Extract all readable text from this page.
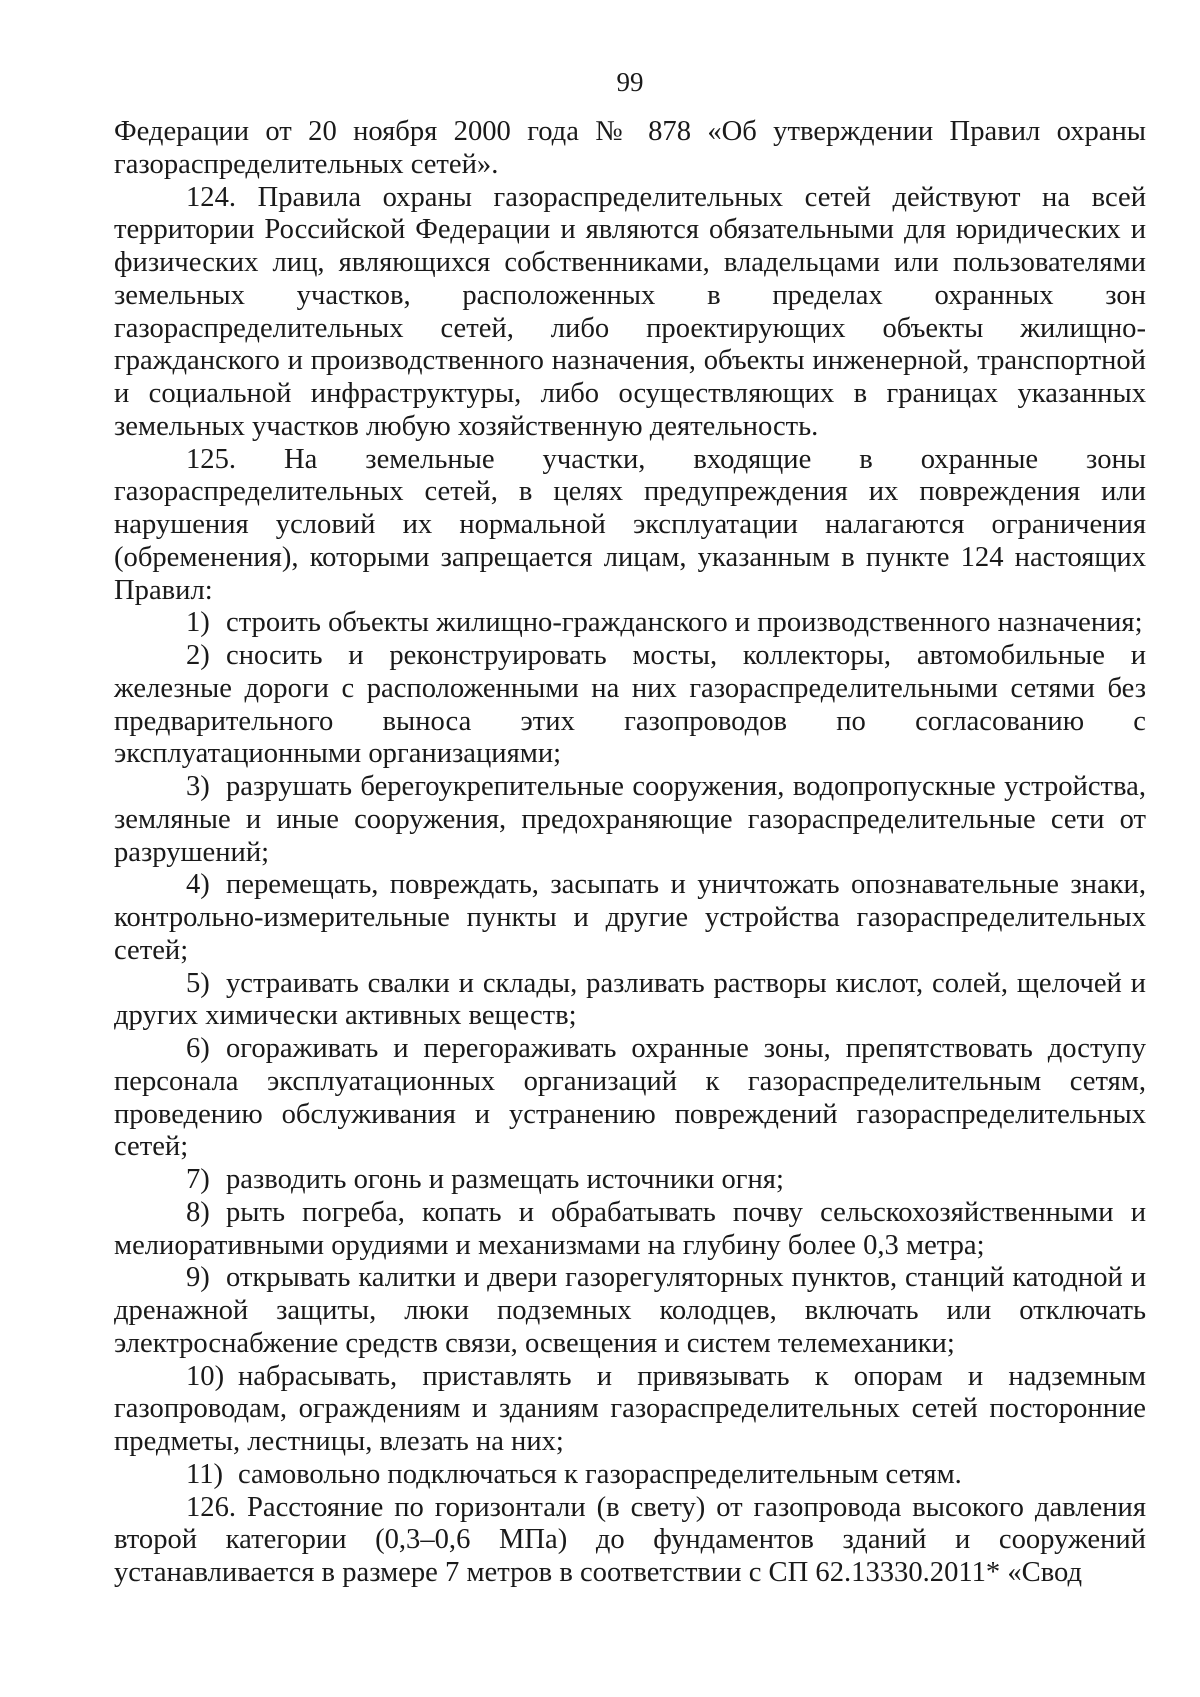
99

Федерации от 20 ноября 2000 года № 878 «Об утверждении Правил охраны газораспределительных сетей».

124. Правила охраны газораспределительных сетей действуют на всей территории Российской Федерации и являются обязательными для юридических и физических лиц, являющихся собственниками, владельцами или пользователями земельных участков, расположенных в пределах охранных зон газораспределительных сетей, либо проектирующих объекты жилищно-гражданского и производственного назначения, объекты инженерной, транспортной и социальной инфраструктуры, либо осуществляющих в границах указанных земельных участков любую хозяйственную деятельность.

125. На земельные участки, входящие в охранные зоны газораспределительных сетей, в целях предупреждения их повреждения или нарушения условий их нормальной эксплуатации налагаются ограничения (обременения), которыми запрещается лицам, указанным в пункте 124 настоящих Правил:

1) строить объекты жилищно-гражданского и производственного назначения;

2) сносить и реконструировать мосты, коллекторы, автомобильные и железные дороги с расположенными на них газораспределительными сетями без предварительного выноса этих газопроводов по согласованию с эксплуатационными организациями;

3) разрушать берегоукрепительные сооружения, водопропускные устройства, земляные и иные сооружения, предохраняющие газораспределительные сети от разрушений;

4) перемещать, повреждать, засыпать и уничтожать опознавательные знаки, контрольно-измерительные пункты и другие устройства газораспределительных сетей;

5) устраивать свалки и склады, разливать растворы кислот, солей, щелочей и других химически активных веществ;

6) огораживать и перегораживать охранные зоны, препятствовать доступу персонала эксплуатационных организаций к газораспределительным сетям, проведению обслуживания и устранению повреждений газораспределительных сетей;

7) разводить огонь и размещать источники огня;

8) рыть погреба, копать и обрабатывать почву сельскохозяйственными и мелиоративными орудиями и механизмами на глубину более 0,3 метра;

9) открывать калитки и двери газорегуляторных пунктов, станций катодной и дренажной защиты, люки подземных колодцев, включать или отключать электроснабжение средств связи, освещения и систем телемеханики;

10) набрасывать, приставлять и привязывать к опорам и надземным газопроводам, ограждениям и зданиям газораспределительных сетей посторонние предметы, лестницы, влезать на них;

11) самовольно подключаться к газораспределительным сетям.

126. Расстояние по горизонтали (в свету) от газопровода высокого давления второй категории (0,3–0,6 МПа) до фундаментов зданий и сооружений устанавливается в размере 7 метров в соответствии с СП 62.13330.2011* «Свод
